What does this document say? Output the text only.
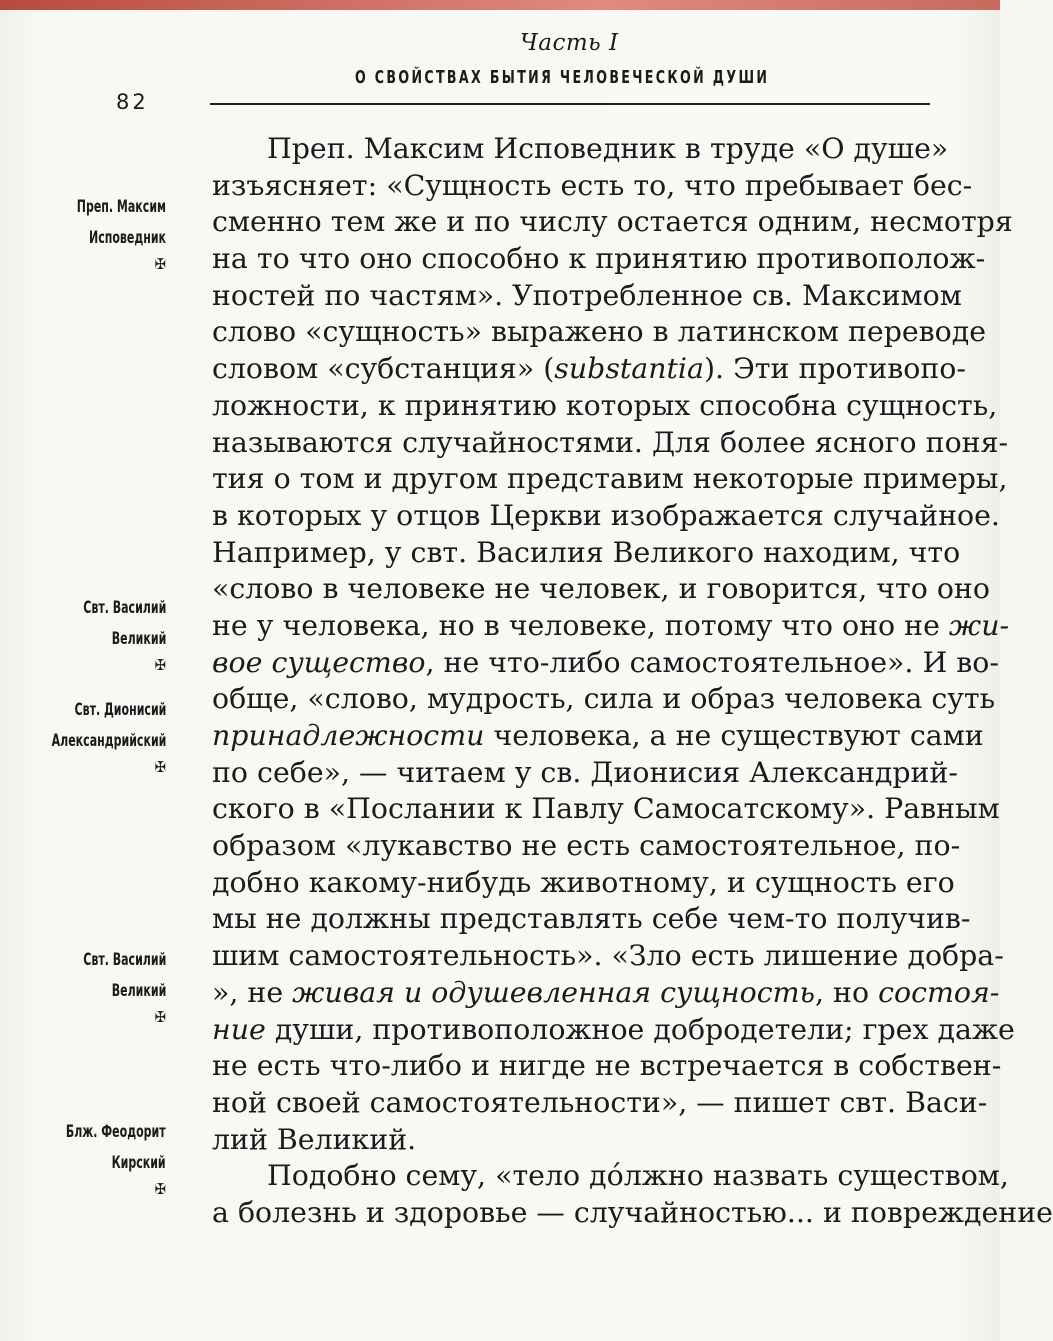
Часть I
О СВОЙСТВАХ БЫТИЯ ЧЕЛОВЕЧЕСКОЙ ДУШИ
82
Преп. Максим
Исповедник
✠
Свт. Василий
Великий
✠
Свт. Дионисий
Александрийский
✠
Свт. Василий
Великий
✠
Блж. Феодорит
Кирский
✠
Преп. Максим Исповедник в труде «О душе»
изъясняет: «Сущность есть то, что пребывает бес-
сменно тем же и по числу остается одним, несмотря
на то что оно способно к принятию противополож-
ностей по частям». Употребленное св. Максимом
слово «сущность» выражено в латинском переводе
словом «субстанция» (substantia). Эти противопо-
ложности, к принятию которых способна сущность,
называются случайностями. Для более ясного поня-
тия о том и другом представим некоторые примеры,
в которых у отцов Церкви изображается случайное.
Например, у свт. Василия Великого находим, что
«слово в человеке не человек, и говорится, что оно
не у человека, но в человеке, потому что оно не жи-
вое существо, не что-либо самостоятельное». И во-
обще, «слово, мудрость, сила и образ человека суть
принадлежности человека, а не существуют сами
по себе», — читаем у св. Дионисия Александрий-
ского в «Послании к Павлу Самосатскому». Равным
образом «лукавство не есть самостоятельное, по-
добно какому-нибудь животному, и сущность его
мы не должны представлять себе чем-то получив-
шим самостоятельность». «Зло есть лишение добра-
», не живая и одушевленная сущность, но состоя-
ние души, противоположное добродетели; грех даже
не есть что-либо и нигде не встречается в собствен-
ной своей самостоятельности», — пишет свт. Васи-
лий Великий.
Подобно сему, «тело до́лжно назвать существом,
а болезнь и здоровье — случайностью... и повреждение
